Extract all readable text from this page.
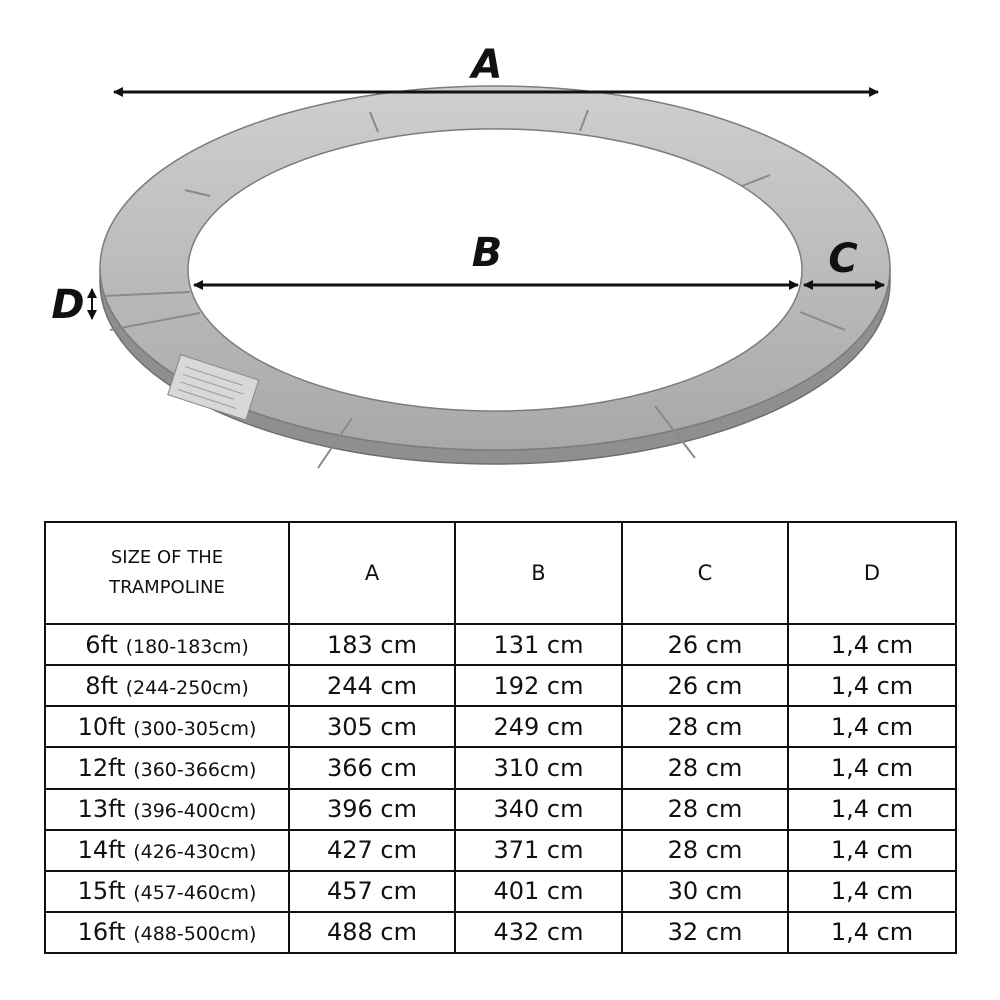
A
B	C
D
SIZE OF THE
TRAMPOLINE	A	B	C	D
6ft (180-183cm)	183 cm	131 cm	26 cm	1,4 cm
8ft (244-250cm)	244 cm	192 cm	26 cm	1,4 cm
10ft (300-305cm)	305 cm	249 cm	28 cm	1,4 cm
12ft (360-366cm)	366 cm	310 cm	28 cm	1,4 cm
13ft (396-400cm)	396 cm	340 cm	28 cm	1,4 cm
14ft (426-430cm)	427 cm	371 cm	28 cm	1,4 cm
15ft (457-460cm)	457 cm	401 cm	30 cm	1,4 cm
16ft (488-500cm)	488 cm	432 cm	32 cm	1,4 cm
